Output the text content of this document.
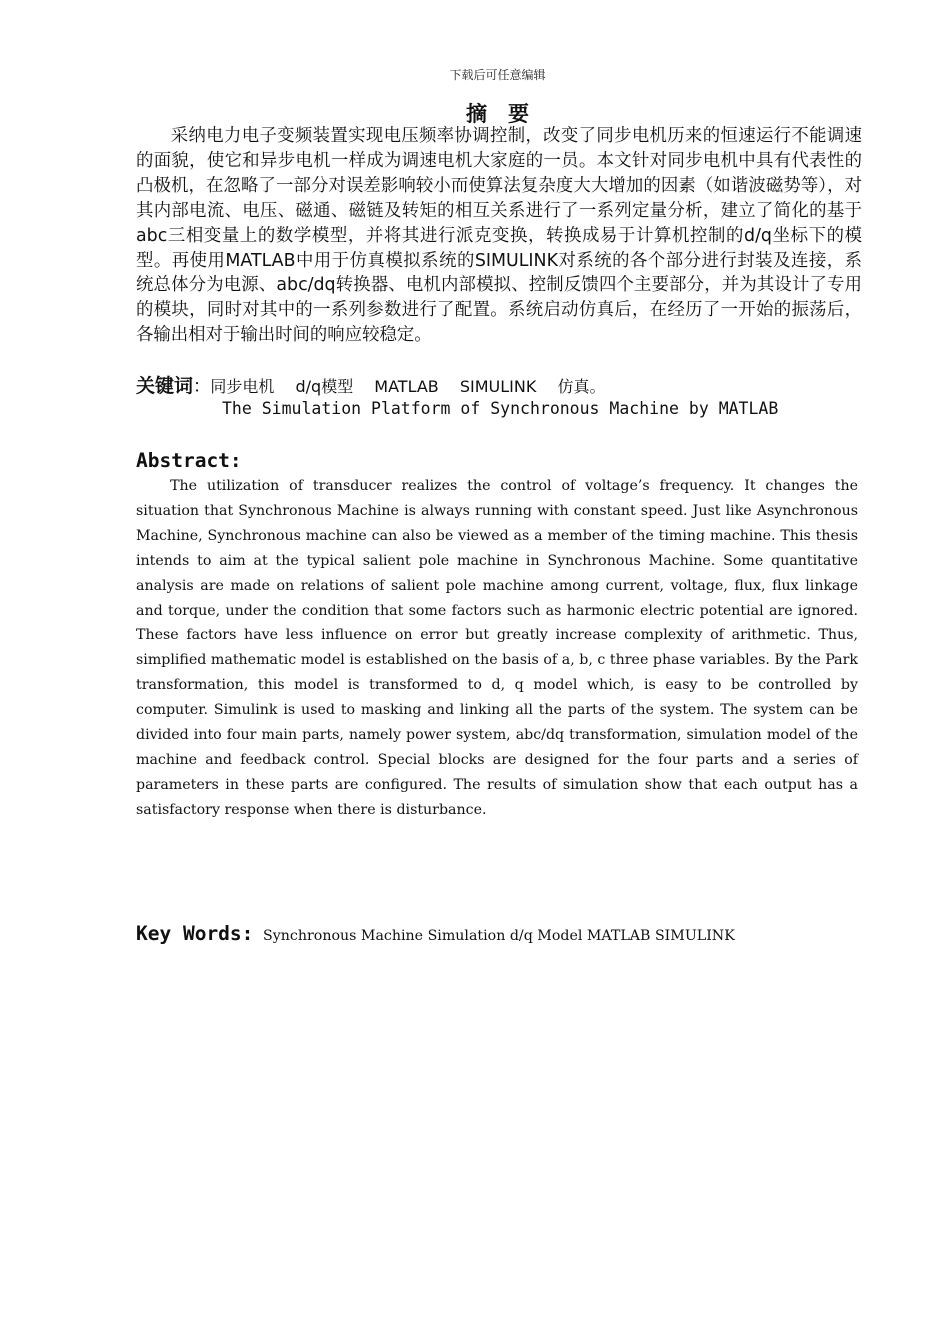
下载后可任意编辑
摘　要

采纳电力电子变频装置实现电压频率协调控制，改变了同步电机历来的恒速运行不能调速的面貌，使它和异步电机一样成为调速电机大家庭的一员。本文针对同步电机中具有代表性的凸极机，在忽略了一部分对误差影响较小而使算法复杂度大大增加的因素（如谐波磁势等），对其内部电流、电压、磁通、磁链及转矩的相互关系进行了一系列定量分析，建立了简化的基于abc三相变量上的数学模型，并将其进行派克变换，转换成易于计算机控制的d/q坐标下的模型。再使用MATLAB中用于仿真模拟系统的SIMULINK对系统的各个部分进行封装及连接，系统总体分为电源、abc/dq转换器、电机内部模拟、控制反馈四个主要部分，并为其设计了专用的模块，同时对其中的一系列参数进行了配置。系统启动仿真后，在经历了一开始的振荡后，各输出相对于输出时间的响应较稳定。

关键词：同步电机　 d/q模型　 MATLAB　 SIMULINK　 仿真。
The Simulation Platform of Synchronous Machine by MATLAB
Abstract:

The utilization of transducer realizes the control of voltage’s frequency. It changes the situation that Synchronous Machine is always running with constant speed. Just like Asynchronous Machine, Synchronous machine can also be viewed as a member of the timing machine. This thesis intends to aim at the typical salient pole machine in Synchronous Machine. Some quantitative analysis are made on relations of salient pole machine among current, voltage, flux, flux linkage and torque, under the condition that some factors such as harmonic electric potential are ignored. These factors have less influence on error but greatly increase complexity of arithmetic. Thus, simplified mathematic model is established on the basis of a, b, c three phase variables. By the Park transformation, this model is transformed to d, q model which, is easy to be controlled by computer. Simulink is used to masking and linking all the parts of the system. The system can be divided into four main parts, namely power system, abc/dq transformation, simulation model of the machine and feedback control. Special blocks are designed for the four parts and a series of parameters in these parts are configured. The results of simulation show that each output has a satisfactory response when there is disturbance.

Key Words: Synchronous Machine Simulation d/q Model MATLAB SIMULINK
